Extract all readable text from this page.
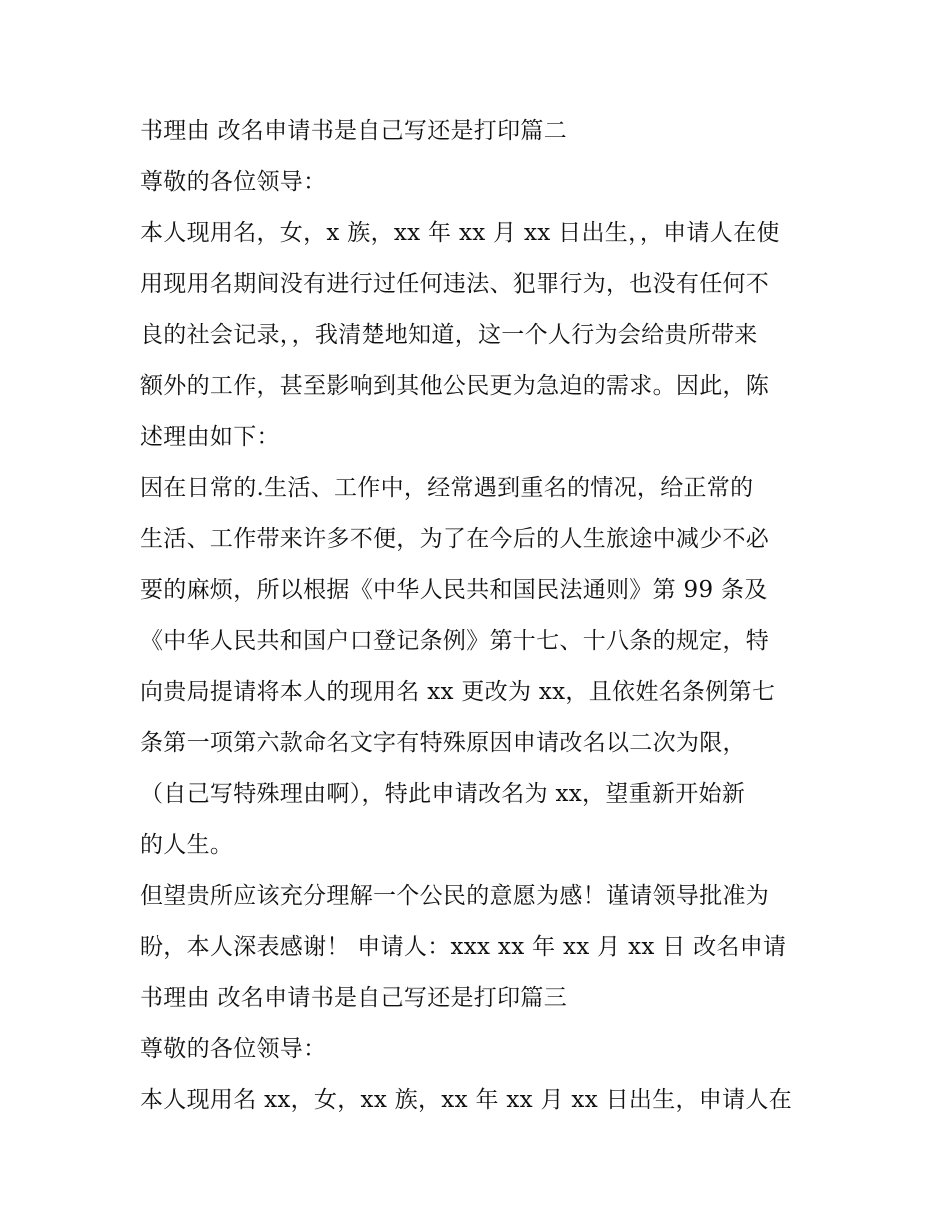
书理由 改名申请书是自己写还是打印篇二
尊敬的各位领导：
本人现用名，女，x 族，xx 年 xx 月 xx 日出生，，申请人在使
用现用名期间没有进行过任何违法、犯罪行为，也没有任何不
良的社会记录，，我清楚地知道，这一个人行为会给贵所带来
额外的工作，甚至影响到其他公民更为急迫的需求。因此，陈
述理由如下：
因在日常的.生活、工作中，经常遇到重名的情况，给正常的
生活、工作带来许多不便，为了在今后的人生旅途中减少不必
要的麻烦，所以根据《中华人民共和国民法通则》第 99 条及
《中华人民共和国户口登记条例》第十七、十八条的规定，特
向贵局提请将本人的现用名 xx 更改为 xx，且依姓名条例第七
条第一项第六款命名文字有特殊原因申请改名以二次为限，
（自己写特殊理由啊），特此申请改名为 xx，望重新开始新
的人生。
但望贵所应该充分理解一个公民的意愿为感！谨请领导批准为
盼，本人深表感谢！ 申请人：xxx xx 年 xx 月 xx 日 改名申请
书理由 改名申请书是自己写还是打印篇三
尊敬的各位领导：
本人现用名 xx，女，xx 族，xx 年 xx 月 xx 日出生，申请人在
